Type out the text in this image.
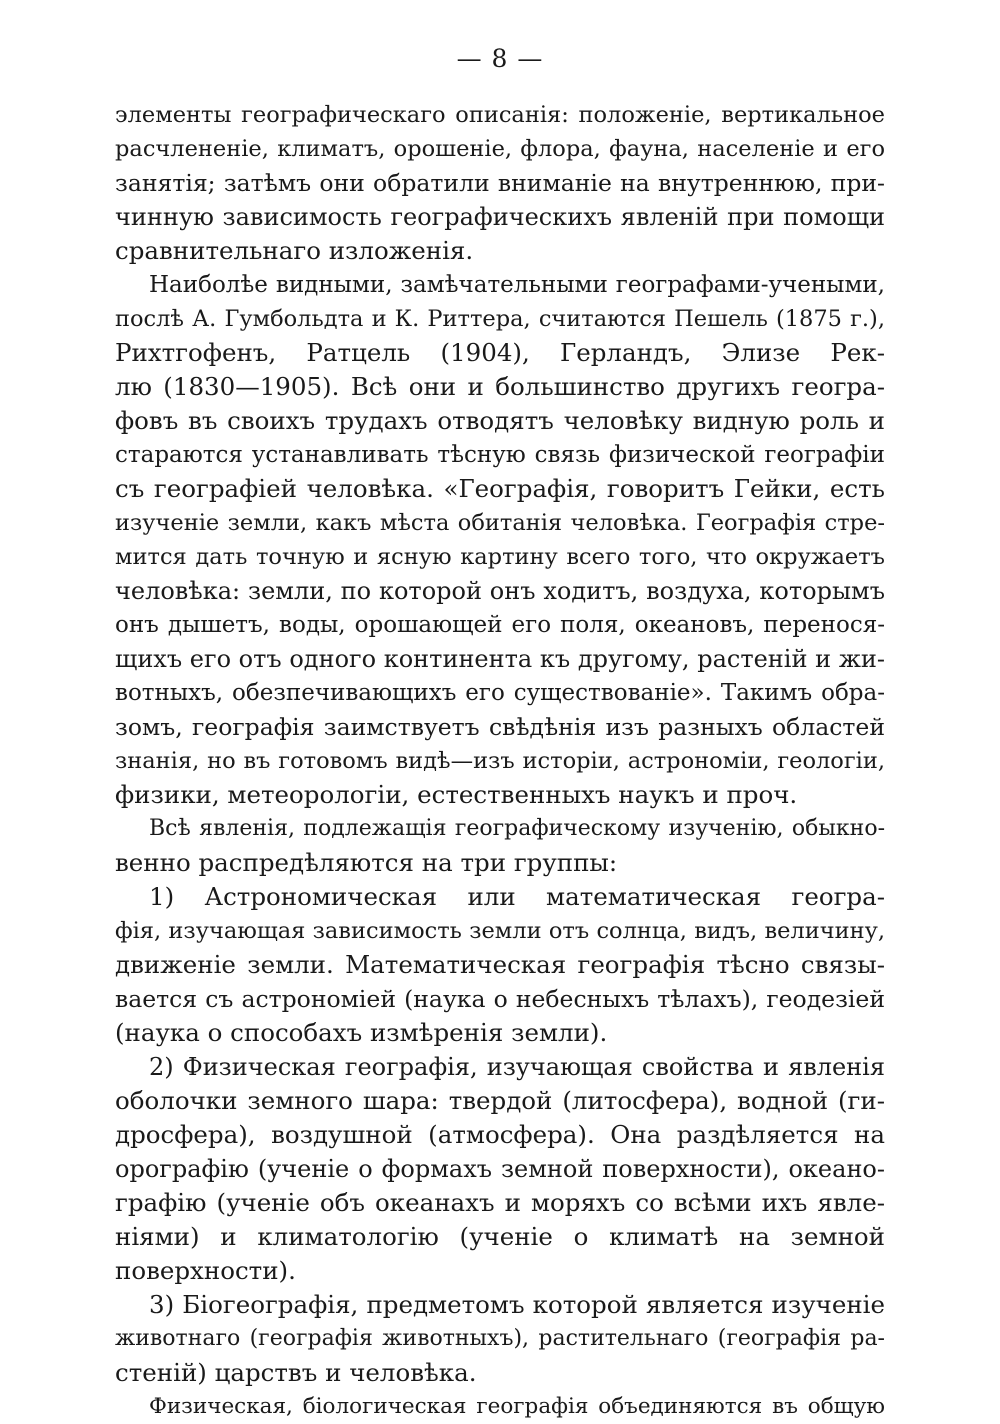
— 8 —
элементы географическаго описанія: положеніе, вертикальное
расчлененіе, климатъ, орошеніе, флора, фауна, населеніе и его
занятія; затѣмъ они обратили вниманіе на внутреннюю, при-
чинную зависимость географическихъ явленій при помощи
сравнительнаго изложенія.
Наиболѣе видными, замѣчательными географами-учеными,
послѣ А. Гумбольдта и К. Риттера, считаются Пешель (1875 г.),
Рихтгофенъ, Ратцель (1904), Герландъ, Элизе Рек-
лю (1830—1905). Всѣ они и большинство другихъ геогра-
фовъ въ своихъ трудахъ отводятъ человѣку видную роль и
стараются устанавливать тѣсную связь физической географіи
съ географіей человѣка. «Географія, говоритъ Гейки, есть
изученіе земли, какъ мѣста обитанія человѣка. Географія стре-
мится дать точную и ясную картину всего того, что окружаетъ
человѣка: земли, по которой онъ ходитъ, воздуха, которымъ
онъ дышетъ, воды, орошающей его поля, океановъ, перенося-
щихъ его отъ одного континента къ другому, растеній и жи-
вотныхъ, обезпечивающихъ его существованіе». Такимъ обра-
зомъ, географія заимствуетъ свѣдѣнія изъ разныхъ областей
знанія, но въ готовомъ видѣ—изъ исторіи, астрономіи, геологіи,
физики, метеорологіи, естественныхъ наукъ и проч.
Всѣ явленія, подлежащія географическому изученію, обыкно-
венно распредѣляются на три группы:
1) Астрономическая или математическая геогра-
фія, изучающая зависимость земли отъ солнца, видъ, величину,
движеніе земли. Математическая географія тѣсно связы-
вается съ астрономіей (наука о небесныхъ тѣлахъ), геодезіей
(наука о способахъ измѣренія земли).
2) Физическая географія, изучающая свойства и явленія
оболочки земного шара: твердой (литосфера), водной (ги-
дросфера), воздушной (атмосфера). Она раздѣляется на
орографію (ученіе о формахъ земной поверхности), океано-
графію (ученіе объ океанахъ и моряхъ со всѣми ихъ явле-
ніями) и климатологію (ученіе о климатѣ на земной
поверхности).
3) Біогеографія, предметомъ которой является изученіе
животнаго (географія животныхъ), растительнаго (географія ра-
стеній) царствъ и человѣка.
Физическая, біологическая географія объединяются въ общую
